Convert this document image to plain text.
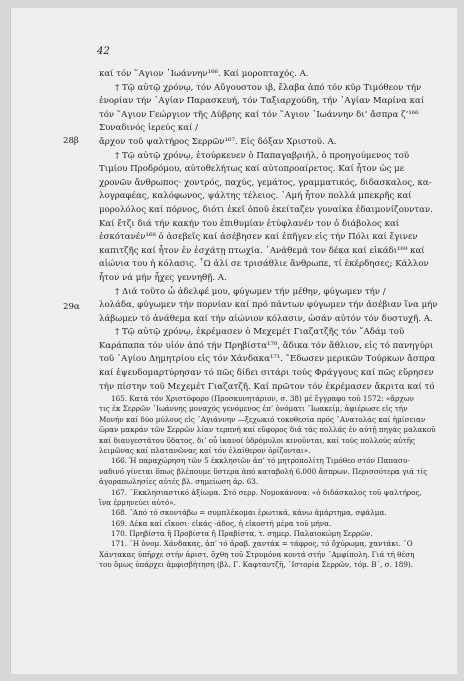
42
28β
29α
καί τόν ῞Αγιον ᾿Ιωάννην¹⁶⁶. Καί μοροπταχός. Α.
† Τῷ αὐτῷ χρόνῳ, τόν Αὔγουστον ιβ, ἔλαβα ἀπό τόν κῦρ Τιμόθεον τήν
ἐνορίαν τήν ῾Αγίαν Παρασκευή, τόν Ταξιαρχούδη, τήν ῾Αγίαν Μαρίνα καί
τόν ῞Αγιον Γεώργιον τῆς Δύβρης καί τόν ῞Αγιον ᾿Ιωάννην δι’ ἄσπρα ζ’¹⁶⁶
Συναδινός ἱερεύς καί /
ἄρχον τοῦ ψαλτήρος Σερρῶν¹⁶⁷. Εἰς δόξαν Χριστοῦ. Α.
† Τῷ αὐτῷ χρόνῳ, ἐτούρκευεν ὁ Παπαγαβριήλ, ὁ προηγούμενος τοῦ
Τιμίου Προδρόμου, αὐτοθελήτως καί αὐτοπροαίρετος. Καί ἦτον ὡς με
χρονῶν ἄνθρωπος· χοντρός, παχύς, γεμάτος, γραμματικός, διδασκαλος, κα-
λογραφέας, καλόφωνος, ψάλτης τέλειος. ᾿Αμή ἦτον πολλά μπεκρῆς καί
μορολόλος καί πόρνος, διότι ἐκεῖ ὁποῦ ἐκείταζεν γυναίκα ἐδαιμονίζουνταν.
Καί ἔτζι διά τήν κακήν του ἐπιθυμίαν ἐτύφλανέν τον ὁ διάβολος καί
ἐσκότανέν¹⁶⁸ ὁ ἀσεβεῖς καί ἀσέβησεν καί ἐπῆγεν εἰς τήν Πόλι καί ἔγινεν
καπιτζῆς καί ἦτον ἐν ἐσχάτῃ πτωχία. ᾿Ανάθεμά τον δέκα καί εἰκάδι¹⁶⁹ καί
αἰώνια του ἡ κόλασις. ῏Ω ἀλί σε τρισάθλιε ἄνθρωπε, τί ἐκέρδησες; Κάλλον
ἦτον νά μήν ἦχες γεννηθῇ. Α.
† Διά τοῦτο ὦ ἀδελφέ μου, φύγωμεν τήν μέθην, φύγωμεν τήν /
λολάδα, φύγωμεν τήν πορνίαν καί πρό πάντων φύγωμεν τήν ἀσέβιαν ἵνα μήν
λάβωμεν τό ἀνάθεμα καί τήν αἰώνιον κόλασιν, ὡσάν αὐτόν τόν δυστυχῆ. Α.
† Τῷ αὐτῷ χρόνῳ, ἐκρέμασεν ὁ Μεχεμέτ Γιαζατζῆς τόν ῎Αδάμ τοῦ
Καράπαπα τόν υἱόν ἀπό τήν Πρηβίστα¹⁷⁰, ἄδικα τόν ἄθλιον, εἰς τό πανηγύρι
τοῦ ῾Αγίου Δημητρίου εἰς τόν Χάνδακα¹⁷¹. ῎Εδωσεν μερικῶν Τούρκων ἄσπρα
καί ἐψευδομαρτύρησαν τό πῶς δίδει σιτάρι τούς Φράγγους καί πῶς εὕρησεν
τήν πίστην τοῦ Μεχεμέτ Γιαζατζῆ. Καί πρῶτον τόν ἐκρέμασεν ἄκριτα καί τό
165. Κατά τόν Χριστόφορο (Προσκυνητάριον, σ. 38) μέ ἔγγραφο τοῦ 1572: «ἄρχων
τις ἐκ Σερρῶν ᾿Ιωάννης μοναχός γενόμενος ἐπ’ ὀνόματι ᾿Ιωακείμ, ἀφιέρωσε εἰς τήν
Μονήν καί δύο μύλους εἰς ᾿Αγιάννην —ξεχωκιό τοκοθεσία πρός ᾿Ανατολάς καί ἡμίσειαν
ὥραν μακράν τῶν Σερρῶν λίαν τερπνή καί εὔφορος διά τάς πολλάς ἐν αὐτῇ πηγάς μαλακοῦ
καί διαυγεστάτου ὕδατος, δι’ οὗ ἱκανοί ὑδρόμυλοι κινοῦνται, καί τούς πολλούς αὐτῆς
λειμῶνας καί πλατανῶνας καί τόν ἐλαίθερον ὀρίζονται».
166. Ἡ παραχώρηση τῶν 5 ἐκκλησιῶν ἀπ’ τό μητροπολίτη Τιμόθεο στόν Παπασυ-
ναδινό γίνεται ὅπως βλέπουμε ὕστερα ἀπό καταβολή 6.000 ἄσπρων. Περισσότερα γιά τίς
ἀγοραπωλησίες αὐτές βλ. σημείωση ἀρ. 63.
167. ᾿Εκκλησιαστικό ἀξίωμα. Στό σερρ. Νομοκάνονα: «ὁ διδάσκαλος τοῦ ψαλτήρος,
ἵνα ἑρμηνεύει αὐτό».
168. ᾿Από τό σκοντάβω = συμπλέκομαι ἐρωτικά, κάνω ἁμάρτημα, σφάλμα.
169. Δέκα καί εἴκοσι· εἰκάς -άδος, ἡ εἰκοστή μέρα τοῦ μήνα.
170. Πρηβίστα ἤ Προβίστα ἤ Πραβίστα, τ. σημερ. Παλαιοκώμη Σερρῶν.
171. ῾Η ὀνομ. Χάνδακας, ἀπ’ τό ἀραβ. χαντάκ = τάφρος, τό ὄχύρωμα, χαντάκι. ᾿Ο
Χάντακας ὑπῆρχε στήν ἀριστ. ὄχθη τοῦ Στρυμόνα κοντά στήν ᾿Αμφίπολη. Γιά τή θέση
του ὅμως ὑπάρχει ἀμφισβήτηση (βλ. Γ. Καφταντζῆ, ῾Ιστορία Σερρῶν, τόμ. Β΄, σ. 189).
